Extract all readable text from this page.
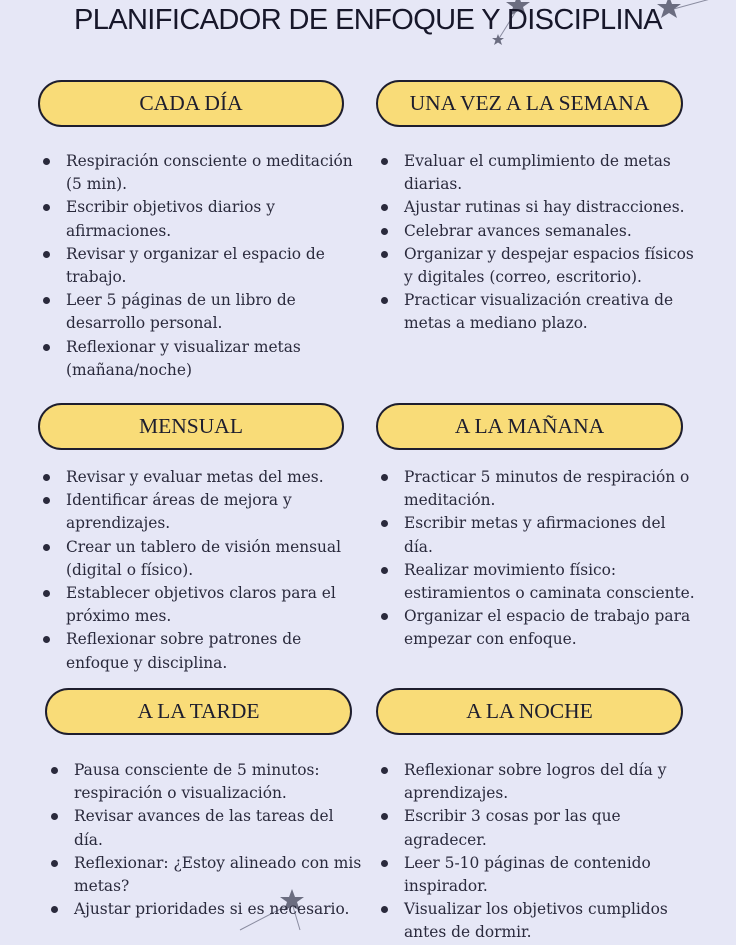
PLANIFICADOR DE ENFOQUE Y DISCIPLINA
CADA DÍA
Respiración consciente o meditación (5 min).
Escribir objetivos diarios y afirmaciones.
Revisar y organizar el espacio de trabajo.
Leer 5 páginas de un libro de desarrollo personal.
Reflexionar y visualizar metas (mañana/noche)
UNA VEZ A LA SEMANA
Evaluar el cumplimiento de metas diarias.
Ajustar rutinas si hay distracciones.
Celebrar avances semanales.
Organizar y despejar espacios físicos y digitales (correo, escritorio).
Practicar visualización creativa de metas a mediano plazo.
MENSUAL
Revisar y evaluar metas del mes.
Identificar áreas de mejora y aprendizajes.
Crear un tablero de visión mensual (digital o físico).
Establecer objetivos claros para el próximo mes.
Reflexionar sobre patrones de enfoque y disciplina.
A LA MAÑANA
Practicar 5 minutos de respiración o meditación.
Escribir metas y afirmaciones del día.
Realizar movimiento físico: estiramientos o caminata consciente.
Organizar el espacio de trabajo para empezar con enfoque.
A LA TARDE
Pausa consciente de 5 minutos: respiración o visualización.
Revisar avances de las tareas del día.
Reflexionar: ¿Estoy alineado con mis metas?
Ajustar prioridades si es necesario.
A LA NOCHE
Reflexionar sobre logros del día y aprendizajes.
Escribir 3 cosas por las que agradecer.
Leer 5-10 páginas de contenido inspirador.
Visualizar los objetivos cumplidos antes de dormir.
